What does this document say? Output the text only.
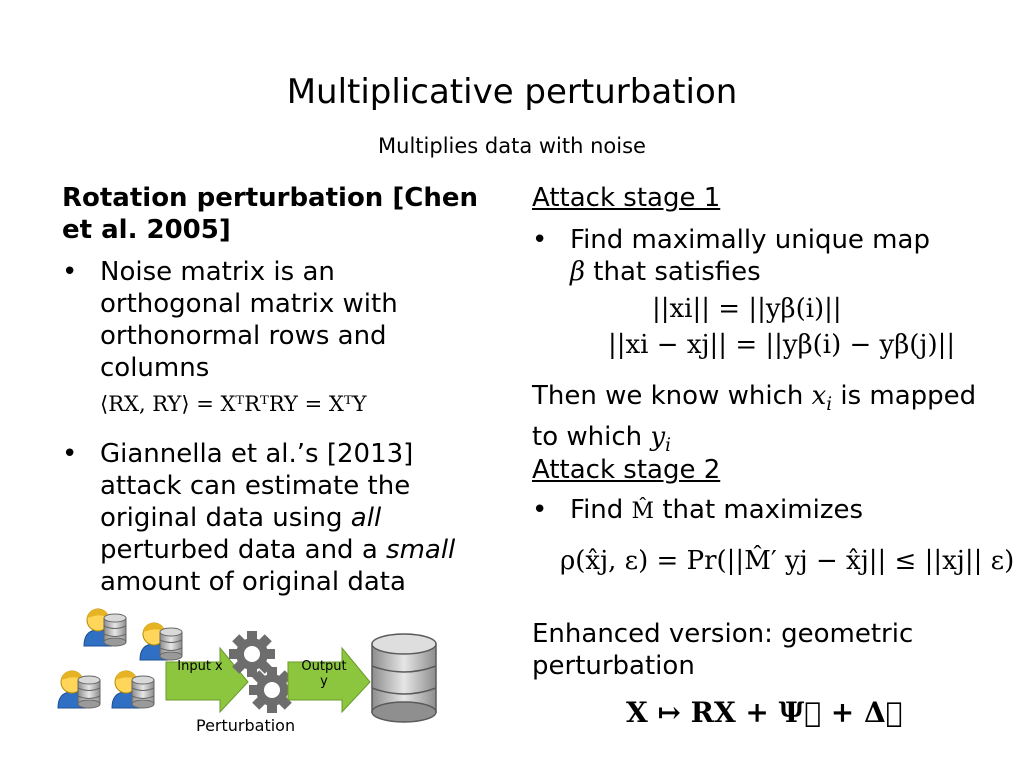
Multiplicative perturbation
Multiplies data with noise
Rotation perturbation [Chen et al. 2005]
• Noise matrix is an orthogonal matrix with orthonormal rows and columns
⟨RX, RY⟩ = XᵀRᵀRY = XᵀY
• Giannella et al.’s [2013] attack can estimate the original data using all perturbed data and a small amount of original data
Input x	Output y
Perturbation
Attack stage 1
• Find maximally unique map
β that satisfies
||xi|| = ||yβ(i)||
||xi − xj|| = ||yβ(i) − yβ(j)||
Then we know which $x_i$ is mapped to which $y_i$
Attack stage 2
• Find M̂ that maximizes
ρ(x̂j, ε) = Pr(||M̂′ yj − x̂j|| ≤ ||xj|| ε)
Enhanced version: geometric perturbation
X ↦ RX + Ψ⃗ + Δ⃗
